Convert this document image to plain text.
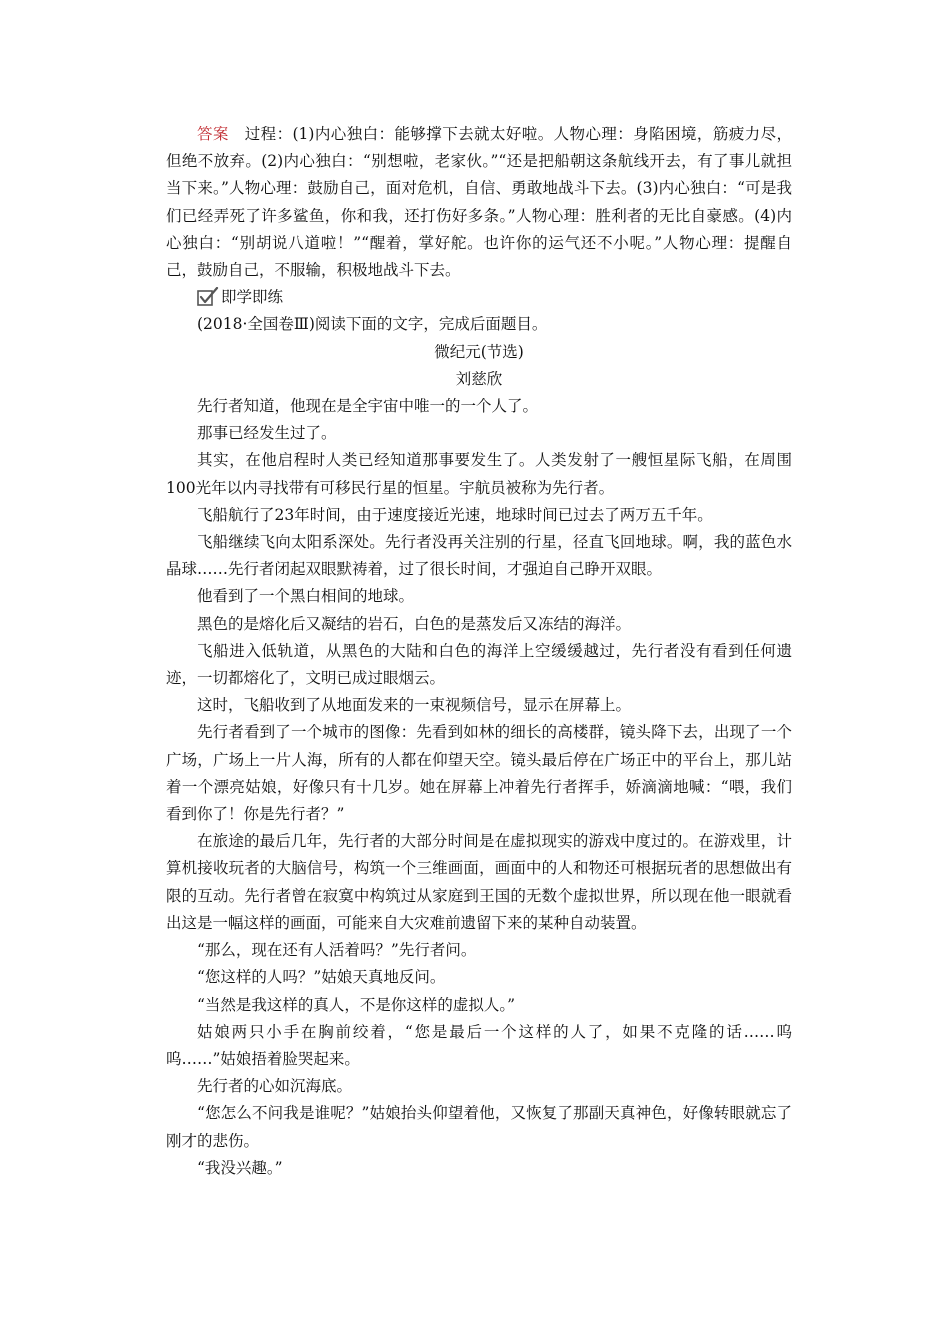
答案　过程：(1)内心独白：能够撑下去就太好啦。人物心理：身陷困境，筋疲力尽，但绝不放弃。(2)内心独白：“别想啦，老家伙。”“还是把船朝这条航线开去，有了事儿就担当下来。”人物心理：鼓励自己，面对危机，自信、勇敢地战斗下去。(3)内心独白：“可是我们已经弄死了许多鲨鱼，你和我，还打伤好多条。”人物心理：胜利者的无比自豪感。(4)内心独白：“别胡说八道啦！”“醒着，掌好舵。也许你的运气还不小呢。”人物心理：提醒自己，鼓励自己，不服输，积极地战斗下去。

即学即练

(2018·全国卷Ⅲ)阅读下面的文字，完成后面题目。

微纪元(节选)

刘慈欣

先行者知道，他现在是全宇宙中唯一的一个人了。

那事已经发生过了。

其实，在他启程时人类已经知道那事要发生了。人类发射了一艘恒星际飞船，在周围100光年以内寻找带有可移民行星的恒星。宇航员被称为先行者。

飞船航行了23年时间，由于速度接近光速，地球时间已过去了两万五千年。

飞船继续飞向太阳系深处。先行者没再关注别的行星，径直飞回地球。啊，我的蓝色水晶球……先行者闭起双眼默祷着，过了很长时间，才强迫自己睁开双眼。

他看到了一个黑白相间的地球。

黑色的是熔化后又凝结的岩石，白色的是蒸发后又冻结的海洋。

飞船进入低轨道，从黑色的大陆和白色的海洋上空缓缓越过，先行者没有看到任何遗迹，一切都熔化了，文明已成过眼烟云。

这时，飞船收到了从地面发来的一束视频信号，显示在屏幕上。

先行者看到了一个城市的图像：先看到如林的细长的高楼群，镜头降下去，出现了一个广场，广场上一片人海，所有的人都在仰望天空。镜头最后停在广场正中的平台上，那儿站着一个漂亮姑娘，好像只有十几岁。她在屏幕上冲着先行者挥手，娇滴滴地喊：“喂，我们看到你了！你是先行者？”

在旅途的最后几年，先行者的大部分时间是在虚拟现实的游戏中度过的。在游戏里，计算机接收玩者的大脑信号，构筑一个三维画面，画面中的人和物还可根据玩者的思想做出有限的互动。先行者曾在寂寞中构筑过从家庭到王国的无数个虚拟世界，所以现在他一眼就看出这是一幅这样的画面，可能来自大灾难前遗留下来的某种自动装置。

“那么，现在还有人活着吗？”先行者问。

“您这样的人吗？”姑娘天真地反问。

“当然是我这样的真人，不是你这样的虚拟人。”

姑娘两只小手在胸前绞着，“您是最后一个这样的人了，如果不克隆的话……呜呜……”姑娘捂着脸哭起来。

先行者的心如沉海底。

“您怎么不问我是谁呢？”姑娘抬头仰望着他，又恢复了那副天真神色，好像转眼就忘了刚才的悲伤。

“我没兴趣。”
